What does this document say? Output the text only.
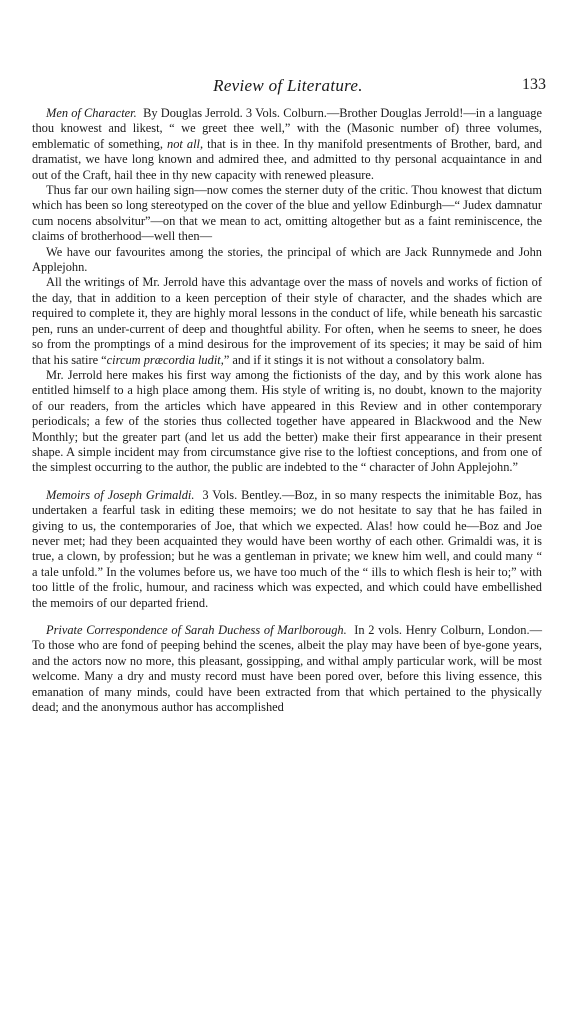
Review of Literature.	133

Men of Character. By Douglas Jerrold. 3 Vols. Colburn.—Brother Douglas Jerrold!—in a language thou knowest and likest, “ we greet thee well,” with the (Masonic number of) three volumes, emblematic of something, not all, that is in thee. In thy manifold presentments of Brother, bard, and dramatist, we have long known and admired thee, and admitted to thy personal acquaintance in and out of the Craft, hail thee in thy new capacity with renewed pleasure.

Thus far our own hailing sign—now comes the sterner duty of the critic. Thou knowest that dictum which has been so long stereotyped on the cover of the blue and yellow Edinburgh—“ Judex damnatur cum nocens absolvitur”—on that we mean to act, omitting altogether but as a faint reminiscence, the claims of brotherhood—well then—

We have our favourites among the stories, the principal of which are Jack Runnymede and John Applejohn.

All the writings of Mr. Jerrold have this advantage over the mass of novels and works of fiction of the day, that in addition to a keen perception of their style of character, and the shades which are required to complete it, they are highly moral lessons in the conduct of life, while beneath his sarcastic pen, runs an under-current of deep and thoughtful ability. For often, when he seems to sneer, he does so from the promptings of a mind desirous for the improvement of its species; it may be said of him that his satire “circum præcordia ludit,” and if it stings it is not without a consolatory balm.

Mr. Jerrold here makes his first way among the fictionists of the day, and by this work alone has entitled himself to a high place among them. His style of writing is, no doubt, known to the majority of our readers, from the articles which have appeared in this Review and in other contemporary periodicals; a few of the stories thus collected together have appeared in Blackwood and the New Monthly; but the greater part (and let us add the better) make their first appearance in their present shape. A simple incident may from circumstance give rise to the loftiest conceptions, and from one of the simplest occurring to the author, the public are indebted to the “ character of John Applejohn.”

Memoirs of Joseph Grimaldi. 3 Vols. Bentley.—Boz, in so many respects the inimitable Boz, has undertaken a fearful task in editing these memoirs; we do not hesitate to say that he has failed in giving to us, the contemporaries of Joe, that which we expected. Alas! how could he—Boz and Joe never met; had they been acquainted they would have been worthy of each other. Grimaldi was, it is true, a clown, by profession; but he was a gentleman in private; we knew him well, and could many “ a tale unfold.” In the volumes before us, we have too much of the “ ills to which flesh is heir to;” with too little of the frolic, humour, and raciness which was expected, and which could have embellished the memoirs of our departed friend.

Private Correspondence of Sarah Duchess of Marlborough. In 2 vols. Henry Colburn, London.—To those who are fond of peeping behind the scenes, albeit the play may have been of bye-gone years, and the actors now no more, this pleasant, gossipping, and withal amply particular work, will be most welcome. Many a dry and musty record must have been pored over, before this living essence, this emanation of many minds, could have been extracted from that which pertained to the physically dead; and the anonymous author has accomplished
